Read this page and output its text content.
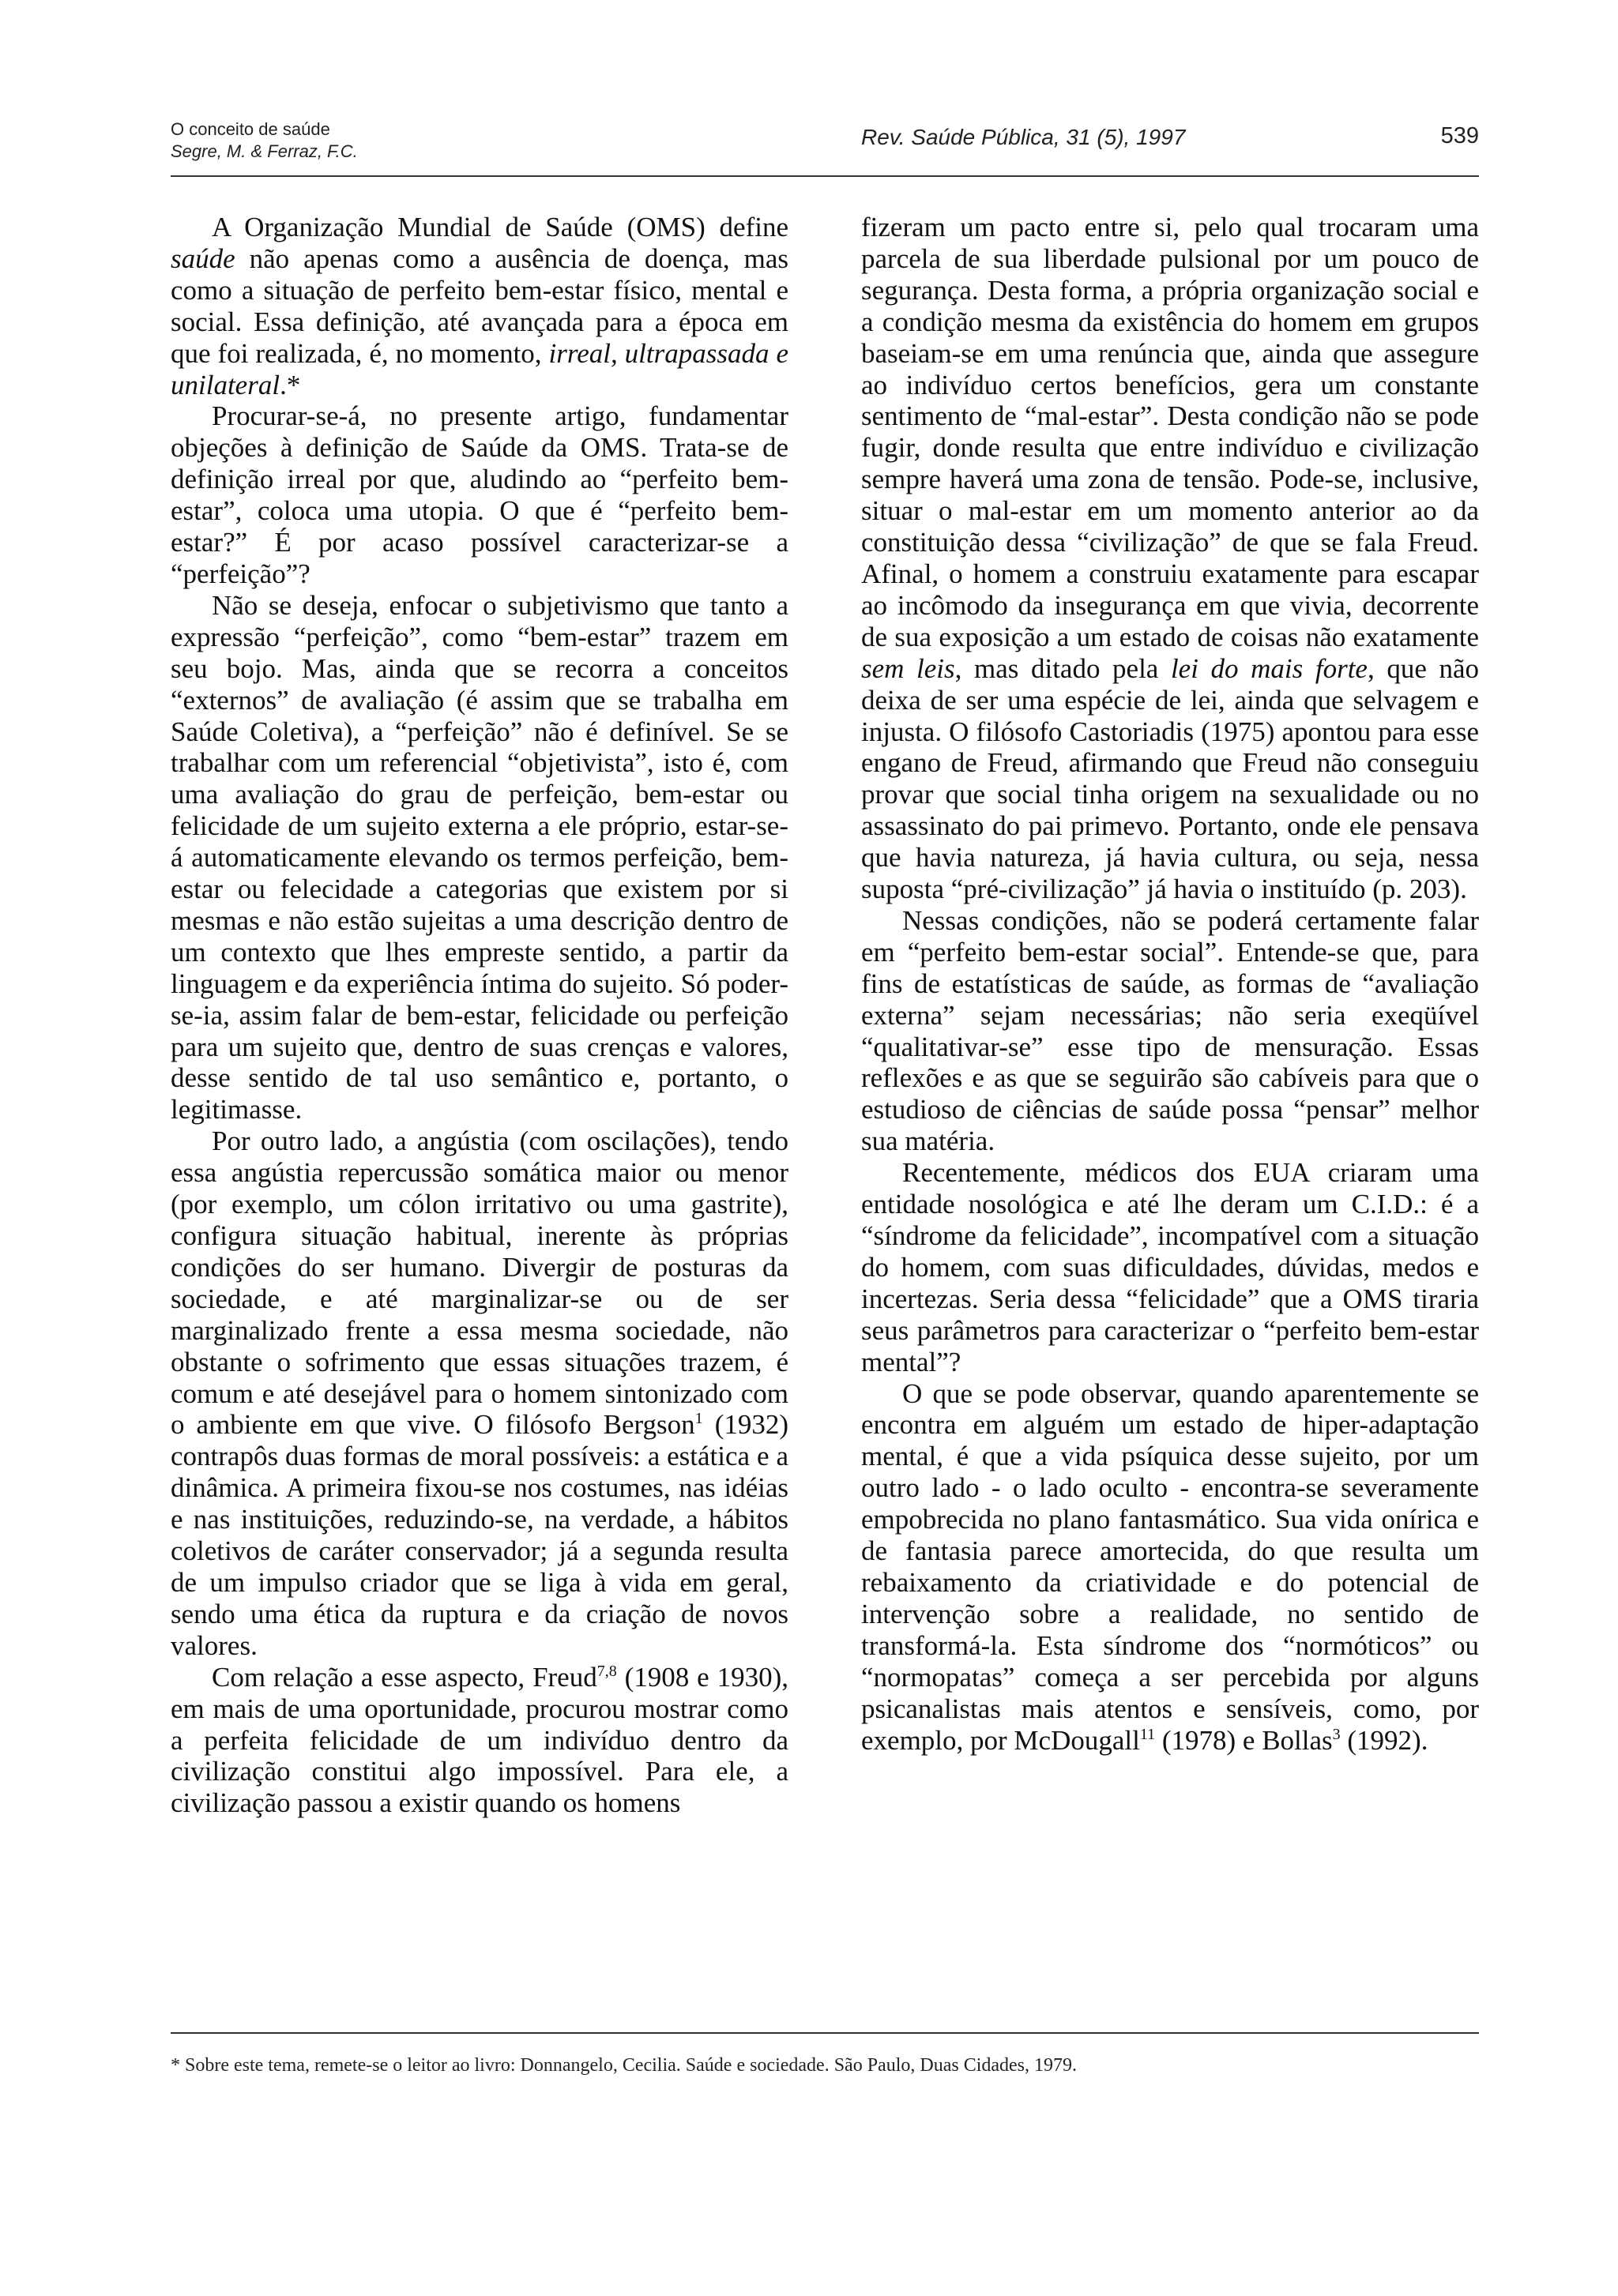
O conceito de saúde
Segre, M. & Ferraz, F.C.
Rev. Saúde Pública, 31 (5), 1997	539

A Organização Mundial de Saúde (OMS) define saúde não apenas como a ausência de doença, mas como a situação de perfeito bem-estar físico, mental e social. Essa definição, até avançada para a época em que foi realizada, é, no momento, irreal, ultrapassada e unilateral.*

Procurar-se-á, no presente artigo, fundamentar objeções à definição de Saúde da OMS. Trata-se de definição irreal por que, aludindo ao “perfeito bem-estar”, coloca uma utopia. O que é “perfeito bem-estar?” É por acaso possível caracterizar-se a “perfeição”?

Não se deseja, enfocar o subjetivismo que tanto a expressão “perfeição”, como “bem-estar” trazem em seu bojo. Mas, ainda que se recorra a conceitos “externos” de avaliação (é assim que se trabalha em Saúde Coletiva), a “perfeição” não é definível. Se se trabalhar com um referencial “objetivista”, isto é, com uma avaliação do grau de perfeição, bem-estar ou felicidade de um sujeito externa a ele próprio, estar-se-á automaticamente elevando os termos perfeição, bem-estar ou felecidade a categorias que existem por si mesmas e não estão sujeitas a uma descrição dentro de um contexto que lhes empreste sentido, a partir da linguagem e da experiência íntima do sujeito. Só poder-se-ia, assim falar de bem-estar, felicidade ou perfeição para um sujeito que, dentro de suas crenças e valores, desse sentido de tal uso semântico e, portanto, o legitimasse.

Por outro lado, a angústia (com oscilações), tendo essa angústia repercussão somática maior ou menor (por exemplo, um cólon irritativo ou uma gastrite), configura situação habitual, inerente às próprias condições do ser humano. Divergir de posturas da sociedade, e até marginalizar-se ou de ser marginalizado frente a essa mesma sociedade, não obstante o sofrimento que essas situações trazem, é comum e até desejável para o homem sintonizado com o ambiente em que vive. O filósofo Bergson$^1$ (1932) contrapôs duas formas de moral possíveis: a estática e a dinâmica. A primeira fixou-se nos costumes, nas idéias e nas instituições, reduzindo-se, na verdade, a hábitos coletivos de caráter conservador; já a segunda resulta de um impulso criador que se liga à vida em geral, sendo uma ética da ruptura e da criação de novos valores.

Com relação a esse aspecto, Freud$^{7,8}$ (1908 e 1930), em mais de uma oportunidade, procurou mostrar como a perfeita felicidade de um indivíduo dentro da civilização constitui algo impossível. Para ele, a civilização passou a existir quando os homens

fizeram um pacto entre si, pelo qual trocaram uma parcela de sua liberdade pulsional por um pouco de segurança. Desta forma, a própria organização social e a condição mesma da existência do homem em grupos baseiam-se em uma renúncia que, ainda que assegure ao indivíduo certos benefícios, gera um constante sentimento de “mal-estar”. Desta condição não se pode fugir, donde resulta que entre indivíduo e civilização sempre haverá uma zona de tensão. Pode-se, inclusive, situar o mal-estar em um momento anterior ao da constituição dessa “civilização” de que se fala Freud. Afinal, o homem a construiu exatamente para escapar ao incômodo da insegurança em que vivia, decorrente de sua exposição a um estado de coisas não exatamente sem leis, mas ditado pela lei do mais forte, que não deixa de ser uma espécie de lei, ainda que selvagem e injusta. O filósofo Castoriadis (1975) apontou para esse engano de Freud, afirmando que Freud não conseguiu provar que social tinha origem na sexualidade ou no assassinato do pai primevo. Portanto, onde ele pensava que havia natureza, já havia cultura, ou seja, nessa suposta “pré-civilização” já havia o instituído (p. 203).

Nessas condições, não se poderá certamente falar em “perfeito bem-estar social”. Entende-se que, para fins de estatísticas de saúde, as formas de “avaliação externa” sejam necessárias; não seria exeqüível “qualitativar-se” esse tipo de mensuração. Essas reflexões e as que se seguirão são cabíveis para que o estudioso de ciências de saúde possa “pensar” melhor sua matéria.

Recentemente, médicos dos EUA criaram uma entidade nosológica e até lhe deram um C.I.D.: é a “síndrome da felicidade”, incompatível com a situação do homem, com suas dificuldades, dúvidas, medos e incertezas. Seria dessa “felicidade” que a OMS tiraria seus parâmetros para caracterizar o “perfeito bem-estar mental”?

O que se pode observar, quando aparentemente se encontra em alguém um estado de hiper-adaptação mental, é que a vida psíquica desse sujeito, por um outro lado - o lado oculto - encontra-se severamente empobrecida no plano fantasmático. Sua vida onírica e de fantasia parece amortecida, do que resulta um rebaixamento da criatividade e do potencial de intervenção sobre a realidade, no sentido de transformá-la. Esta síndrome dos “normóticos” ou “normopatas” começa a ser percebida por alguns psicanalistas mais atentos e sensíveis, como, por exemplo, por McDougall$^{11}$ (1978) e Bollas$^3$ (1992).

* Sobre este tema, remete-se o leitor ao livro: Donnangelo, Cecilia. Saúde e sociedade. São Paulo, Duas Cidades, 1979.
